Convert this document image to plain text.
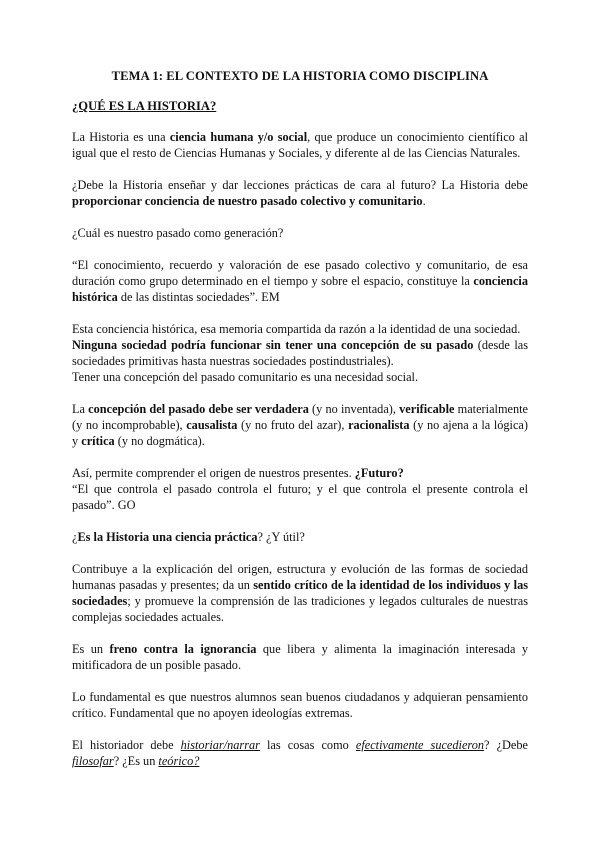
TEMA 1: EL CONTEXTO DE LA HISTORIA COMO DISCIPLINA
¿QUÉ ES LA HISTORIA?

La Historia es una ciencia humana y/o social, que produce un conocimiento científico al igual que el resto de Ciencias Humanas y Sociales, y diferente al de las Ciencias Naturales.

¿Debe la Historia enseñar y dar lecciones prácticas de cara al futuro? La Historia debe proporcionar conciencia de nuestro pasado colectivo y comunitario.

¿Cuál es nuestro pasado como generación?

“El conocimiento, recuerdo y valoración de ese pasado colectivo y comunitario, de esa duración como grupo determinado en el tiempo y sobre el espacio, constituye la conciencia histórica de las distintas sociedades”. EM

Esta conciencia histórica, esa memoria compartida da razón a la identidad de una sociedad.
Ninguna sociedad podría funcionar sin tener una concepción de su pasado (desde las sociedades primitivas hasta nuestras sociedades postindustriales).
Tener una concepción del pasado comunitario es una necesidad social.

La concepción del pasado debe ser verdadera (y no inventada), verificable materialmente (y no incomprobable), causalista (y no fruto del azar), racionalista (y no ajena a la lógica) y crítica (y no dogmática).

Así, permite comprender el origen de nuestros presentes. ¿Futuro?
“El que controla el pasado controla el futuro; y el que controla el presente controla el pasado”. GO

¿Es la Historia una ciencia práctica? ¿Y útil?

Contribuye a la explicación del origen, estructura y evolución de las formas de sociedad humanas pasadas y presentes; da un sentido crítico de la identidad de los individuos y las sociedades; y promueve la comprensión de las tradiciones y legados culturales de nuestras complejas sociedades actuales.

Es un freno contra la ignorancia que libera y alimenta la imaginación interesada y mitificadora de un posible pasado.

Lo fundamental es que nuestros alumnos sean buenos ciudadanos y adquieran pensamiento crítico. Fundamental que no apoyen ideologías extremas.

El historiador debe historiar/narrar las cosas como efectivamente sucedieron? ¿Debe filosofar? ¿Es un teórico?
